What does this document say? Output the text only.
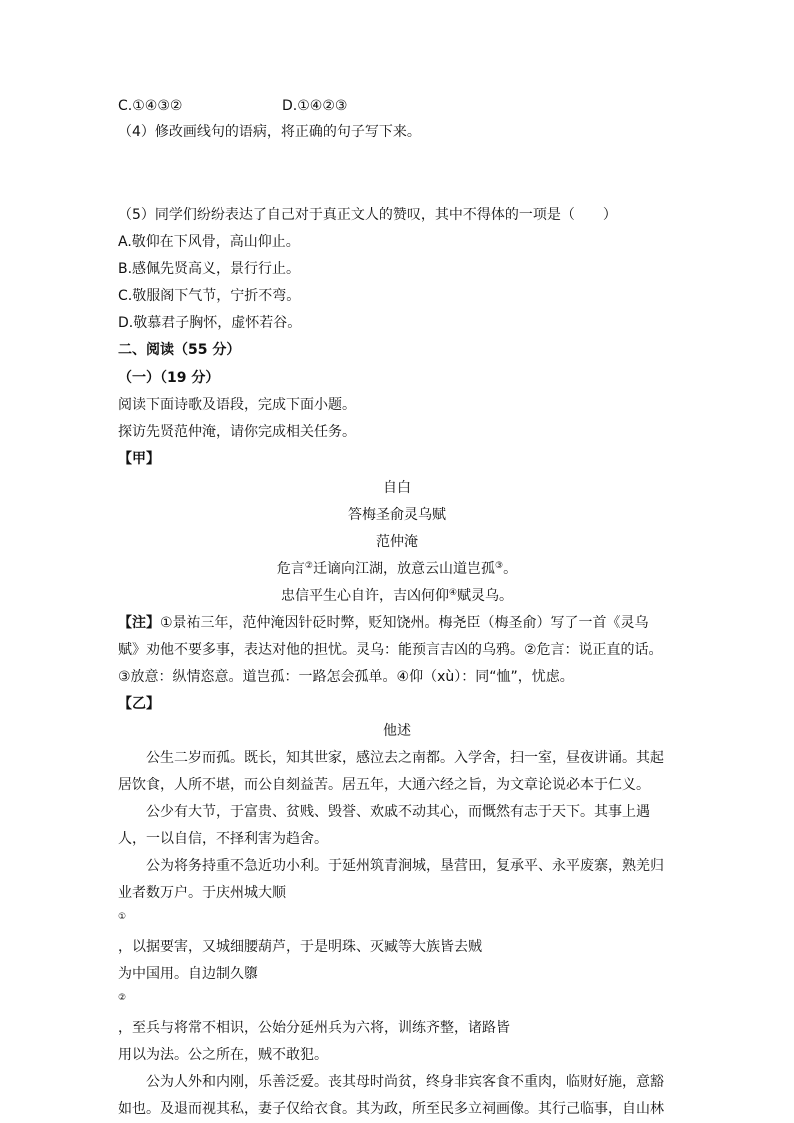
C.①④③②	D.①④②③
（4）修改画线句的语病，将正确的句子写下来。
（5）同学们纷纷表达了自己对于真正文人的赞叹，其中不得体的一项是（　　）
A.敬仰在下风骨，高山仰止。
B.感佩先贤高义，景行行止。
C.敬服阁下气节，宁折不弯。
D.敬慕君子胸怀，虚怀若谷。
二、阅读（55 分）
（一）（19 分）
阅读下面诗歌及语段，完成下面小题。
探访先贤范仲淹，请你完成相关任务。
【甲】
自白
答梅圣俞灵乌赋
范仲淹
危言②迁谪向江湖，放意云山道岂孤③。
忠信平生心自许，吉凶何仰④赋灵乌。
【注】①景祐三年，范仲淹因针砭时弊，贬知饶州。梅尧臣（梅圣俞）写了一首《灵乌
赋》劝他不要多事，表达对他的担忧。灵乌：能预言吉凶的乌鸦。②危言：说正直的话。
③放意：纵情恣意。道岂孤：一路怎会孤单。④仰（xù）：同“恤”，忧虑。
【乙】
他述
公生二岁而孤。既长，知其世家，感泣去之南都。入学舍，扫一室，昼夜讲诵。其起
居饮食，人所不堪，而公自刻益苦。居五年，大通六经之旨，为文章论说必本于仁义。
公少有大节，于富贵、贫贱、毁誉、欢戚不动其心，而慨然有志于天下。其事上遇
人，一以自信，不择利害为趋舍。
公为将务持重不急近功小利。于延州筑青涧城，垦营田，复承平、永平废寨，熟羌归
业者数万户。于庆州城大顺
①
，以据要害，又城细腰葫芦，于是明珠、灭臧等大族皆去贼
为中国用。自边制久隳
②
，至兵与将常不相识，公始分延州兵为六将，训练齐整，诸路皆
用以为法。公之所在，贼不敢犯。
公为人外和内刚，乐善泛爱。丧其母时尚贫，终身非宾客食不重肉，临财好施，意豁
如也。及退而视其私，妻子仅给衣食。其为政，所至民多立祠画像。其行己临事，自山林
